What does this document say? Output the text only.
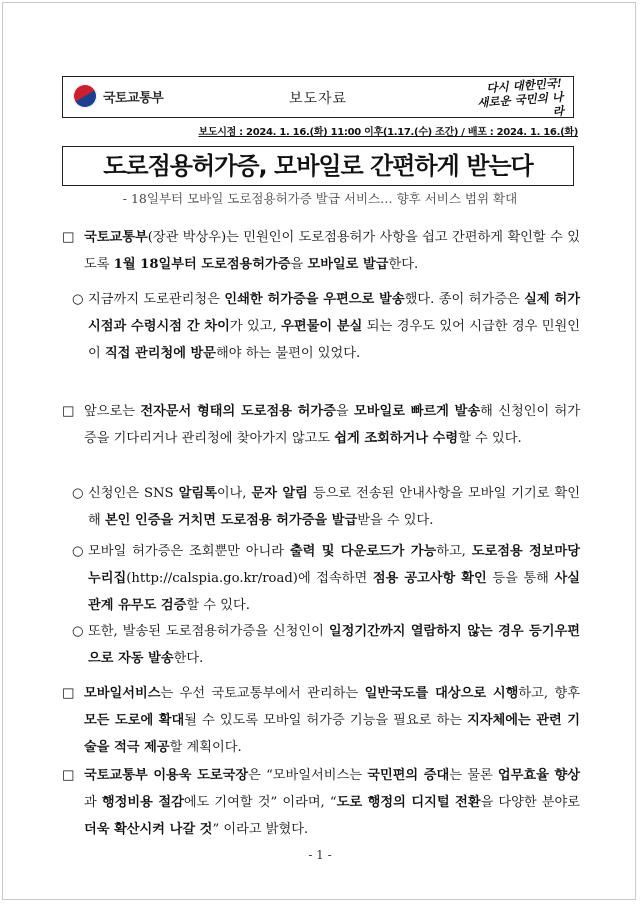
국토교통부	보도자료
다시 대한민국!
새로운 국민의 나라
보도시점 : 2024. 1. 16.(화) 11:00 이후(1.17.(수) 조간) / 배포 : 2024. 1. 16.(화)
도로점용허가증, 모바일로 간편하게 받는다
- 18일부터 모바일 도로점용허가증 발급 서비스… 향후 서비스 범위 확대
□ 국토교통부(장관 박상우)는 민원인이 도로점용허가 사항을 쉽고 간편하게 확인할 수 있도록 1월 18일부터 도로점용허가증을 모바일로 발급한다.
○ 지금까지 도로관리청은 인쇄한 허가증을 우편으로 발송했다. 종이 허가증은 실제 허가시점과 수령시점 간 차이가 있고, 우편물이 분실 되는 경우도 있어 시급한 경우 민원인이 직접 관리청에 방문해야 하는 불편이 있었다.
□ 앞으로는 전자문서 형태의 도로점용 허가증을 모바일로 빠르게 발송해 신청인이 허가증을 기다리거나 관리청에 찾아가지 않고도 쉽게 조회하거나 수령할 수 있다.
○ 신청인은 SNS 알림톡이나, 문자 알림 등으로 전송된 안내사항을 모바일 기기로 확인해 본인 인증을 거치면 도로점용 허가증을 발급받을 수 있다.
○ 모바일 허가증은 조회뿐만 아니라 출력 및 다운로드가 가능하고, 도로점용 정보마당 누리집(http://calspia.go.kr/road)에 접속하면 점용 공고사항 확인 등을 통해 사실관계 유무도 검증할 수 있다.
○ 또한, 발송된 도로점용허가증을 신청인이 일정기간까지 열람하지 않는 경우 등기우편으로 자동 발송한다.
□ 모바일서비스는 우선 국토교통부에서 관리하는 일반국도를 대상으로 시행하고, 향후 모든 도로에 확대될 수 있도록 모바일 허가증 기능을 필요로 하는 지자체에는 관련 기술을 적극 제공할 계획이다.
□ 국토교통부 이용욱 도로국장은 “모바일서비스는 국민편의 증대는 물론 업무효율 향상과 행정비용 절감에도 기여할 것” 이라며, “도로 행정의 디지털 전환을 다양한 분야로 더욱 확산시켜 나갈 것” 이라고 밝혔다.
- 1 -
